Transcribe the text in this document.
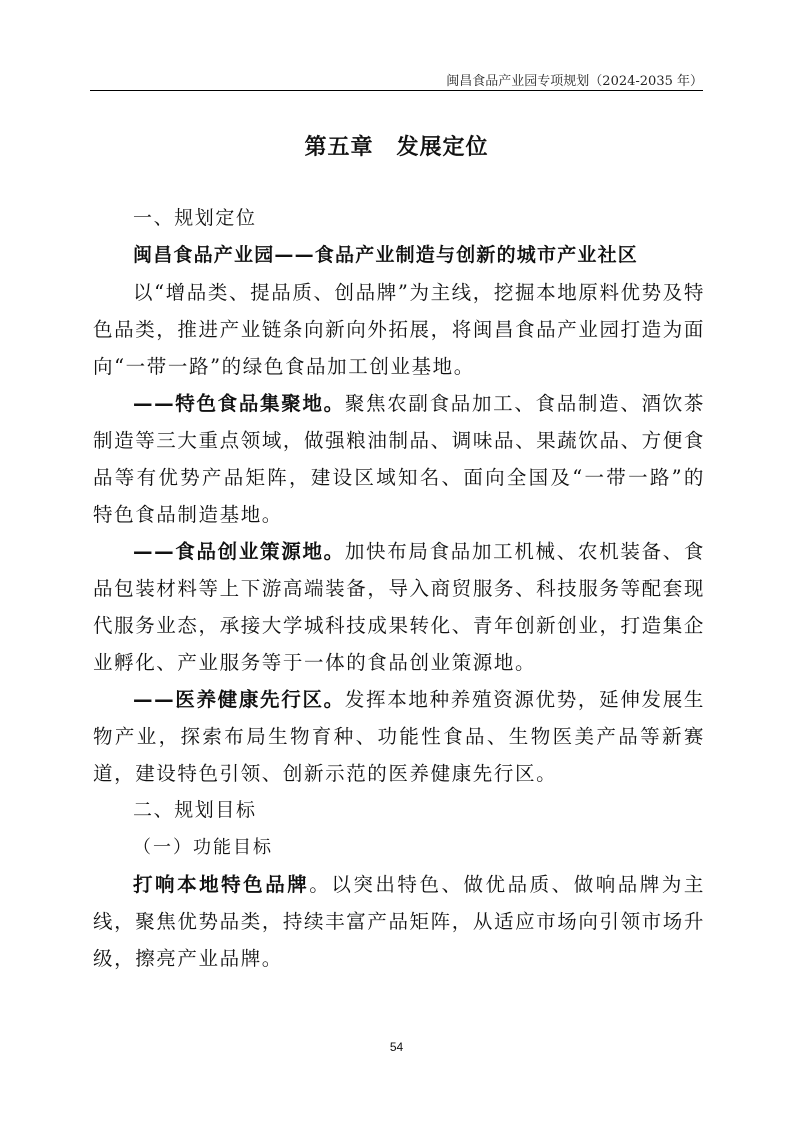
闽昌食品产业园专项规划（2024-2035 年）
第五章　发展定位

一、规划定位

闽昌食品产业园——食品产业制造与创新的城市产业社区

以“增品类、提品质、创品牌”为主线，挖掘本地原料优势及特色品类，推进产业链条向新向外拓展，将闽昌食品产业园打造为面向“一带一路”的绿色食品加工创业基地。

——特色食品集聚地。聚焦农副食品加工、食品制造、酒饮茶制造等三大重点领域，做强粮油制品、调味品、果蔬饮品、方便食品等有优势产品矩阵，建设区域知名、面向全国及“一带一路”的特色食品制造基地。

——食品创业策源地。加快布局食品加工机械、农机装备、食品包装材料等上下游高端装备，导入商贸服务、科技服务等配套现代服务业态，承接大学城科技成果转化、青年创新创业，打造集企业孵化、产业服务等于一体的食品创业策源地。

——医养健康先行区。发挥本地种养殖资源优势，延伸发展生物产业，探索布局生物育种、功能性食品、生物医美产品等新赛道，建设特色引领、创新示范的医养健康先行区。

二、规划目标

（一）功能目标

打响本地特色品牌。以突出特色、做优品质、做响品牌为主线，聚焦优势品类，持续丰富产品矩阵，从适应市场向引领市场升级，擦亮产业品牌。

54
